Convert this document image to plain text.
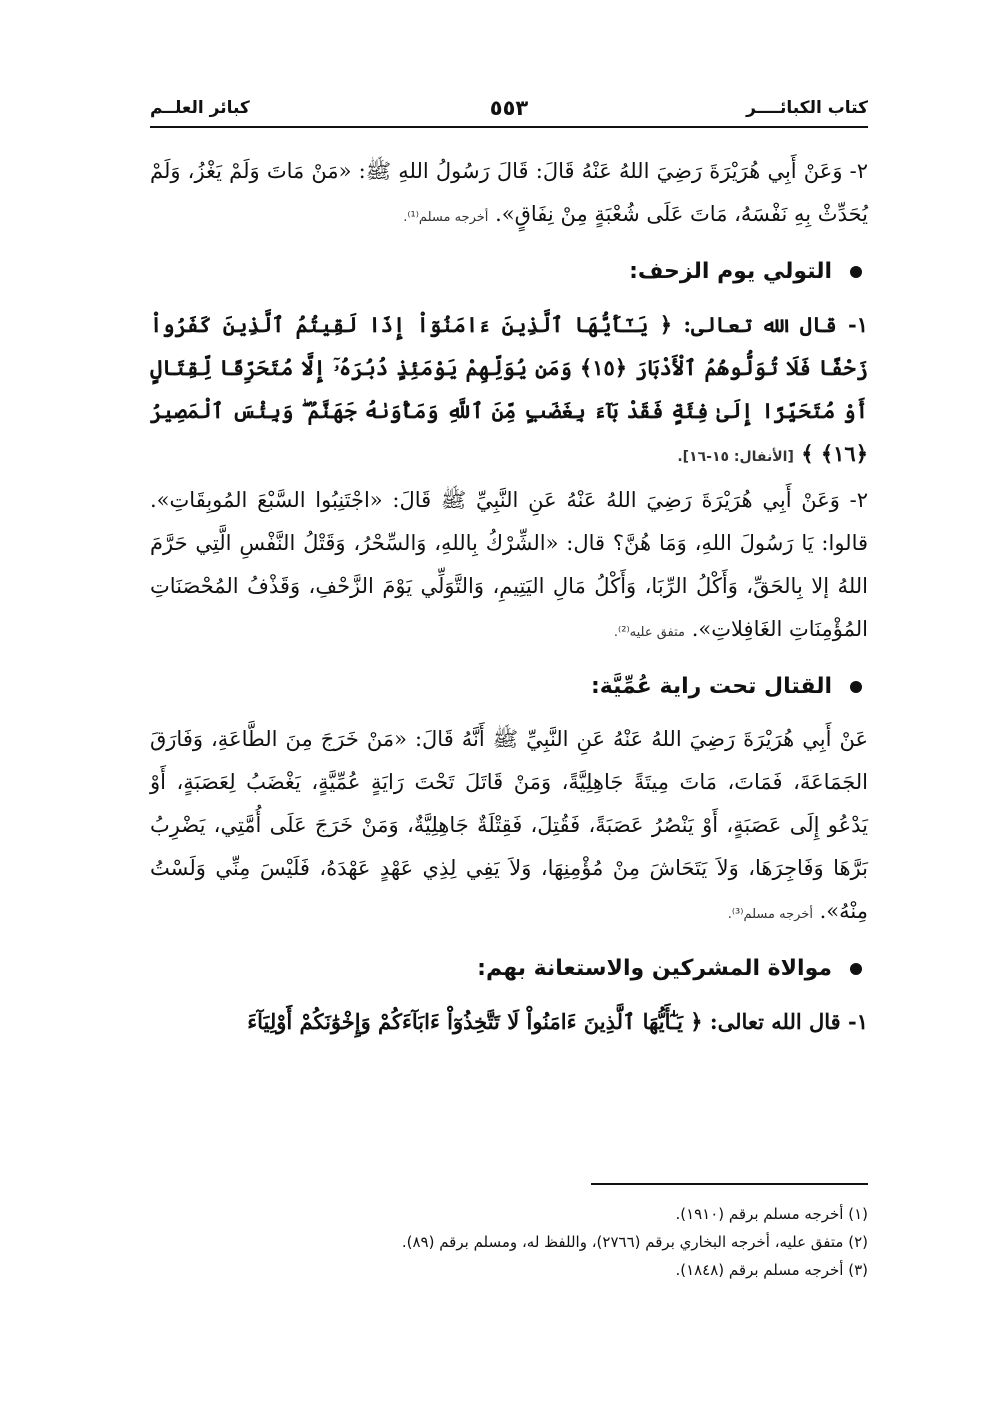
كتاب الكبائــــر
٥٥٣
كبائر العلــم

٢- وَعَنْ أَبِي هُرَيْرَةَ رَضِيَ اللهُ عَنْهُ قَالَ: قَالَ رَسُولُ اللهِ ﷺ: «مَنْ مَاتَ وَلَمْ يَغْزُ، وَلَمْ يُحَدِّثْ بِهِ نَفْسَهُ، مَاتَ عَلَى شُعْبَةٍ مِنْ نِفَاقٍ». أخرجه مسلم⁽¹⁾.

التولي يوم الزحف:

١- قال الله تعالى: ﴿ يَـٰٓأَيُّهَا ٱلَّذِينَ ءَامَنُوٓاْ إِذَا لَقِيتُمُ ٱلَّذِينَ كَفَرُواْ زَحْفًا فَلَا تُوَلُّوهُمُ ٱلْأَدْبَارَ ﴿١٥﴾ وَمَن يُوَلِّهِمْ يَوْمَئِذٍ دُبُرَهُۥٓ إِلَّا مُتَحَرِّفًا لِّقِتَالٍ أَوْ مُتَحَيِّزًا إِلَىٰ فِئَةٍ فَقَدْ بَآءَ بِغَضَبٍ مِّنَ ٱللَّهِ وَمَأْوَىٰهُ جَهَنَّمُ ۖ وَبِئْسَ ٱلْمَصِيرُ ﴿١٦﴾ ﴾ [الأنفال: ١٥-١٦].

٢- وَعَنْ أَبِي هُرَيْرَةَ رَضِيَ اللهُ عَنْهُ عَنِ النَّبِيِّ ﷺ قَالَ: «اجْتَنِبُوا السَّبْعَ المُوبِقَاتِ». قالوا: يَا رَسُولَ اللهِ، وَمَا هُنَّ؟ قال: «الشِّرْكُ بِاللهِ، وَالسِّحْرُ، وَقَتْلُ النَّفْسِ الَّتِي حَرَّمَ اللهُ إلا بِالحَقِّ، وَأَكْلُ الرِّبَا، وَأَكْلُ مَالِ اليَتِيمِ، وَالتَّوَلِّي يَوْمَ الزَّحْفِ، وَقَذْفُ المُحْصَنَاتِ المُؤْمِنَاتِ الغَافِلاتِ». متفق عليه⁽²⁾.

القتال تحت راية عُمِّيَّة:

عَنْ أَبِي هُرَيْرَةَ رَضِيَ اللهُ عَنْهُ عَنِ النَّبِيِّ ﷺ أَنَّهُ قَالَ: «مَنْ خَرَجَ مِنَ الطَّاعَةِ، وَفَارَقَ الجَمَاعَةَ، فَمَاتَ، مَاتَ مِيتَةً جَاهِلِيَّةً، وَمَنْ قَاتَلَ تَحْتَ رَايَةٍ عُمِّيَّةٍ، يَغْضَبُ لِعَصَبَةٍ، أَوْ يَدْعُو إِلَى عَصَبَةٍ، أَوْ يَنْصُرُ عَصَبَةً، فَقُتِلَ، فَقِتْلَةٌ جَاهِلِيَّةٌ، وَمَنْ خَرَجَ عَلَى أُمَّتِي، يَضْرِبُ بَرَّهَا وَفَاجِرَهَا، وَلاَ يَتَحَاشَ مِنْ مُؤْمِنِهَا، وَلاَ يَفِي لِذِي عَهْدٍ عَهْدَهُ، فَلَيْسَ مِنِّي وَلَسْتُ مِنْهُ». أخرجه مسلم⁽³⁾.

موالاة المشركين والاستعانة بهم:

١- قال الله تعالى: ﴿ يَـٰٓأَيُّهَا ٱلَّذِينَ ءَامَنُواْ لَا تَتَّخِذُوٓاْ ءَابَآءَكُمْ وَإِخْوَٰنَكُمْ أَوْلِيَآءَ

(١) أخرجه مسلم برقم (١٩١٠).

(٢) متفق عليه، أخرجه البخاري برقم (٢٧٦٦)، واللفظ له، ومسلم برقم (٨٩).

(٣) أخرجه مسلم برقم (١٨٤٨).
